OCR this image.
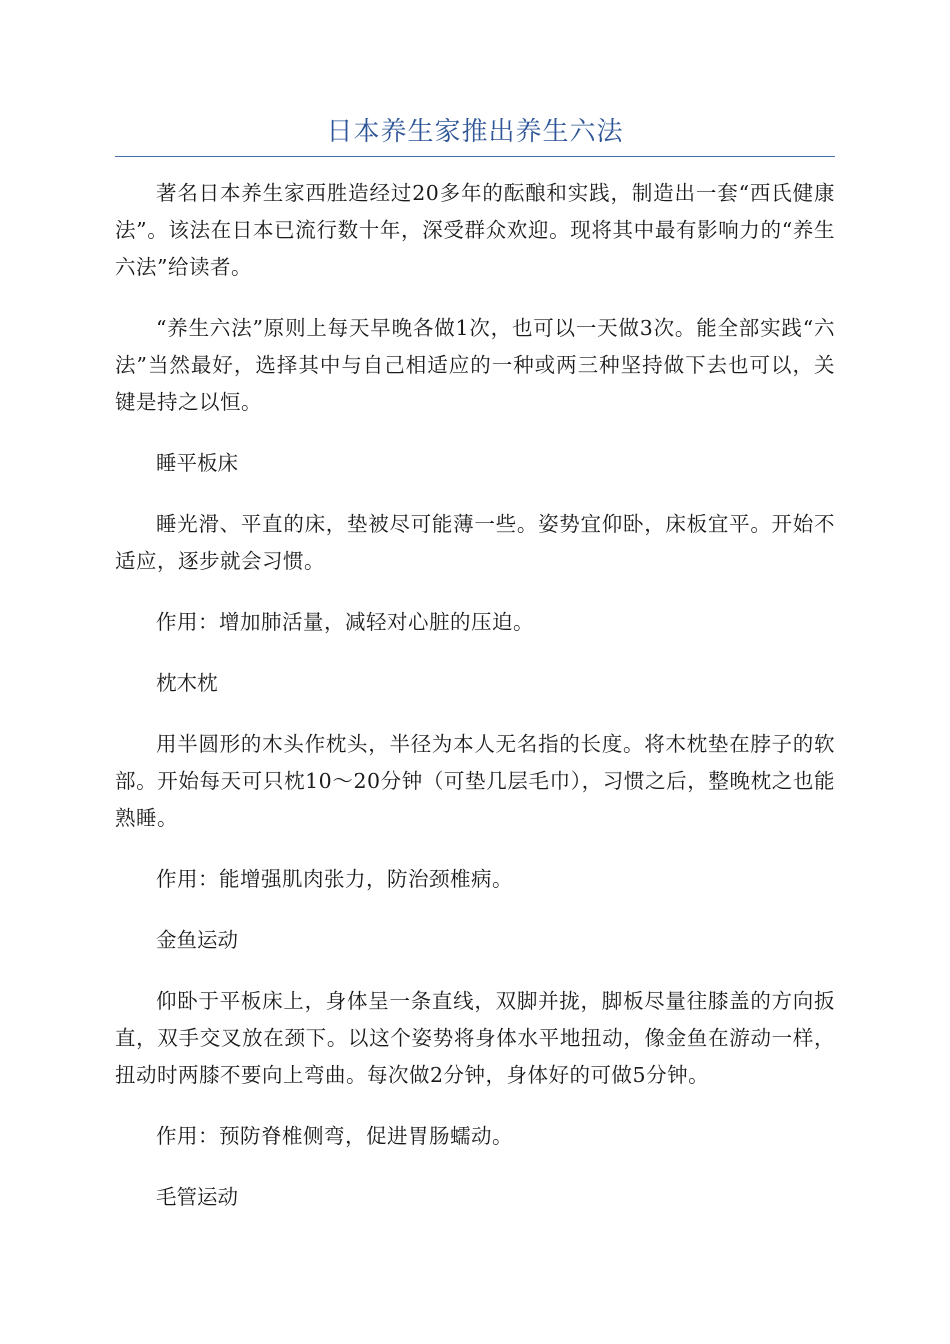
日本养生家推出养生六法

著名日本养生家西胜造经过20多年的酝酿和实践，制造出一套“西氏健康法”。该法在日本已流行数十年，深受群众欢迎。现将其中最有影响力的“养生六法”给读者。

“养生六法”原则上每天早晚各做1次，也可以一天做3次。能全部实践“六法”当然最好，选择其中与自己相适应的一种或两三种坚持做下去也可以，关键是持之以恒。

睡平板床

睡光滑、平直的床，垫被尽可能薄一些。姿势宜仰卧，床板宜平。开始不适应，逐步就会习惯。

作用：增加肺活量，减轻对心脏的压迫。

枕木枕

用半圆形的木头作枕头，半径为本人无名指的长度。将木枕垫在脖子的软部。开始每天可只枕10～20分钟（可垫几层毛巾），习惯之后，整晚枕之也能熟睡。

作用：能增强肌肉张力，防治颈椎病。

金鱼运动

仰卧于平板床上，身体呈一条直线，双脚并拢，脚板尽量往膝盖的方向扳直，双手交叉放在颈下。以这个姿势将身体水平地扭动，像金鱼在游动一样，扭动时两膝不要向上弯曲。每次做2分钟，身体好的可做5分钟。

作用：预防脊椎侧弯，促进胃肠蠕动。

毛管运动
